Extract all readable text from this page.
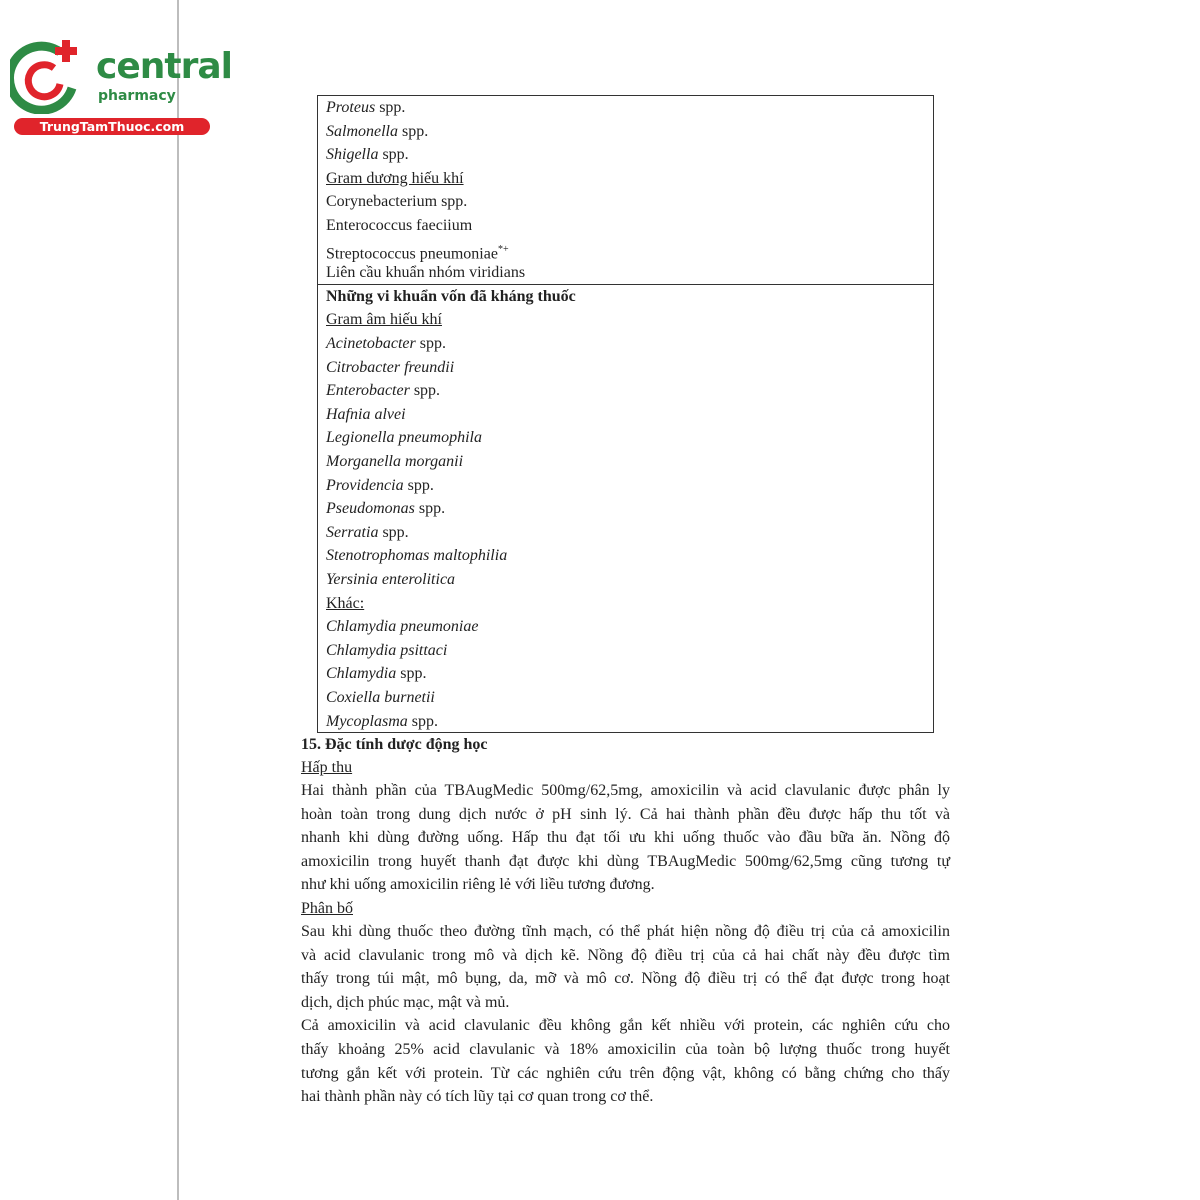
central
pharmacy
TrungTamThuoc.com
Proteus spp.
Salmonella spp.
Shigella spp.
Gram dương hiếu khí
Corynebacterium spp.
Enterococcus faeciium
Streptococcus pneumoniae*+
Liên cầu khuẩn nhóm viridians
Những vi khuẩn vốn đã kháng thuốc
Gram âm hiếu khí
Acinetobacter spp.
Citrobacter freundii
Enterobacter spp.
Hafnia alvei
Legionella pneumophila
Morganella morganii
Providencia spp.
Pseudomonas spp.
Serratia spp.
Stenotrophomas maltophilia
Yersinia enterolitica
Khác:
Chlamydia pneumoniae
Chlamydia psittaci
Chlamydia spp.
Coxiella burnetii
Mycoplasma spp.
15. Đặc tính dược động học
Hấp thu
Hai thành phần của TBAugMedic 500mg/62,5mg, amoxicilin và acid clavulanic được phân ly
hoàn toàn trong dung dịch nước ở pH sinh lý. Cả hai thành phần đều được hấp thu tốt và
nhanh khi dùng đường uống. Hấp thu đạt tối ưu khi uống thuốc vào đầu bữa ăn. Nồng độ
amoxicilin trong huyết thanh đạt được khi dùng TBAugMedic 500mg/62,5mg cũng tương tự
như khi uống amoxicilin riêng lẻ với liều tương đương.
Phân bố
Sau khi dùng thuốc theo đường tĩnh mạch, có thể phát hiện nồng độ điều trị của cả amoxicilin
và acid clavulanic trong mô và dịch kẽ. Nồng độ điều trị của cả hai chất này đều được tìm
thấy trong túi mật, mô bụng, da, mỡ và mô cơ. Nồng độ điều trị có thể đạt được trong hoạt
dịch, dịch phúc mạc, mật và mủ.
Cả amoxicilin và acid clavulanic đều không gắn kết nhiều với protein, các nghiên cứu cho
thấy khoảng 25% acid clavulanic và 18% amoxicilin của toàn bộ lượng thuốc trong huyết
tương gắn kết với protein. Từ các nghiên cứu trên động vật, không có bằng chứng cho thấy
hai thành phần này có tích lũy tại cơ quan trong cơ thể.
